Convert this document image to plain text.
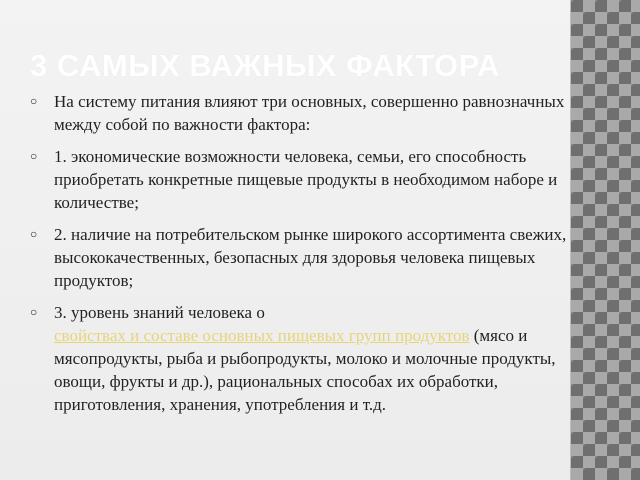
3 САМЫХ ВАЖНЫХ ФАКТОРА
○ На систему питания влияют три основных, совершенно равнозначных между собой по важности фактора:
○ 1. экономические возможности человека, семьи, его способность приобретать конкретные пищевые продукты в необходимом наборе и количестве;
○ 2. наличие на потребительском рынке широкого ассортимента свежих, высококачественных, безопасных для здоровья человека пищевых продуктов;
○ 3. уровень знаний человека о
свойствах и составе основных пищевых групп продуктов (мясо и мясопродукты, рыба и рыбопродукты, молоко и молочные продукты, овощи, фрукты и др.), рациональных способах их обработки, приготовления, хранения, употребления и т.д.
